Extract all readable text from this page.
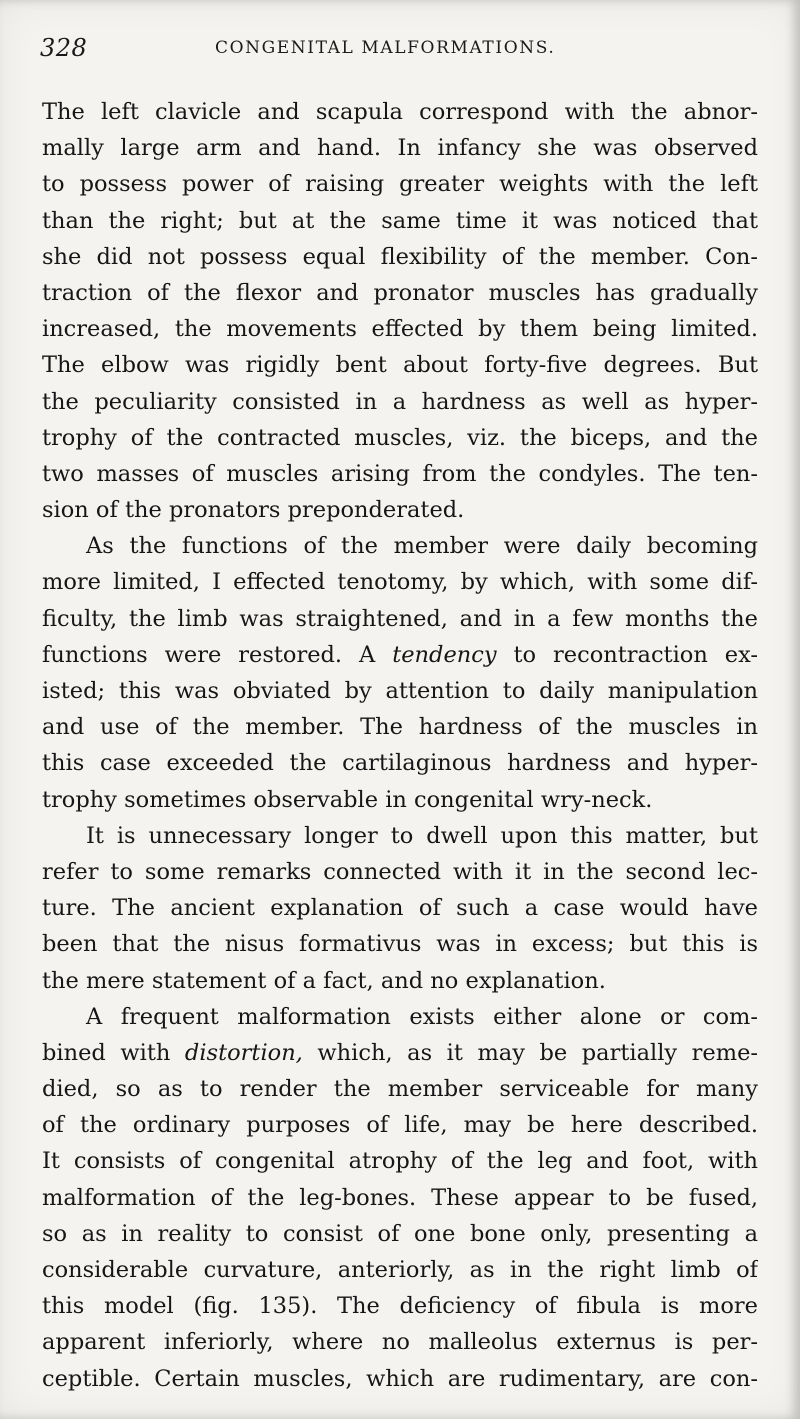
328	CONGENITAL MALFORMATIONS.
The left clavicle and scapula correspond with the abnor-
mally large arm and hand. In infancy she was observed
to possess power of raising greater weights with the left
than the right; but at the same time it was noticed that
she did not possess equal flexibility of the member. Con-
traction of the flexor and pronator muscles has gradually
increased, the movements effected by them being limited.
The elbow was rigidly bent about forty-five degrees. But
the peculiarity consisted in a hardness as well as hyper-
trophy of the contracted muscles, viz. the biceps, and the
two masses of muscles arising from the condyles. The ten-
sion of the pronators preponderated.
As the functions of the member were daily becoming
more limited, I effected tenotomy, by which, with some dif-
ficulty, the limb was straightened, and in a few months the
functions were restored. A tendency to recontraction ex-
isted; this was obviated by attention to daily manipulation
and use of the member. The hardness of the muscles in
this case exceeded the cartilaginous hardness and hyper-
trophy sometimes observable in congenital wry-neck.
It is unnecessary longer to dwell upon this matter, but
refer to some remarks connected with it in the second lec-
ture. The ancient explanation of such a case would have
been that the nisus formativus was in excess; but this is
the mere statement of a fact, and no explanation.
A frequent malformation exists either alone or com-
bined with distortion, which, as it may be partially reme-
died, so as to render the member serviceable for many
of the ordinary purposes of life, may be here described.
It consists of congenital atrophy of the leg and foot, with
malformation of the leg-bones. These appear to be fused,
so as in reality to consist of one bone only, presenting a
considerable curvature, anteriorly, as in the right limb of
this model (fig. 135). The deficiency of fibula is more
apparent inferiorly, where no malleolus externus is per-
ceptible. Certain muscles, which are rudimentary, are con-
